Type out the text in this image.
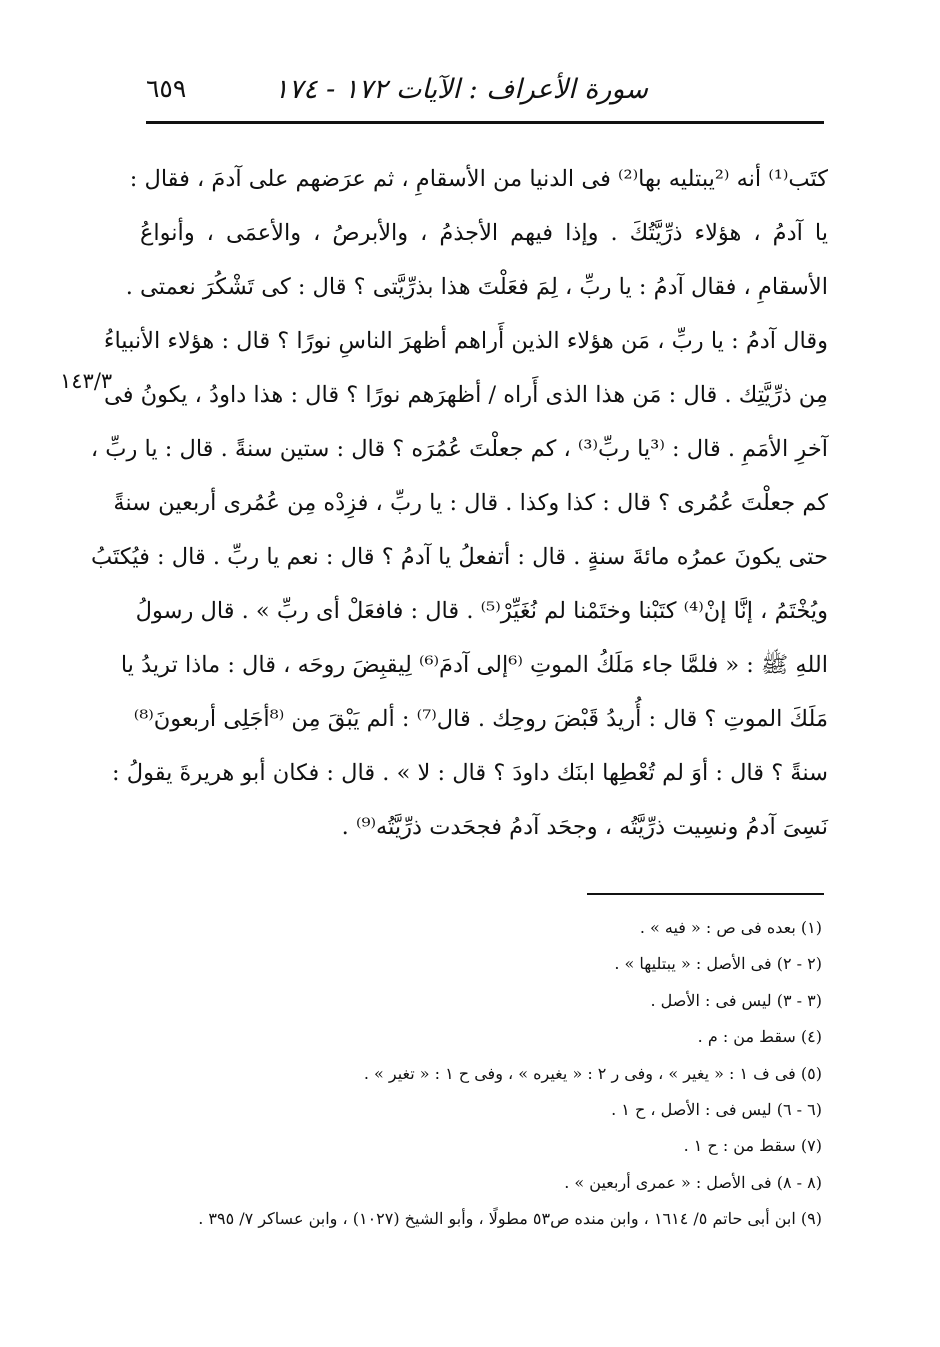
سورة الأعراف : الآيات ١٧٢ - ١٧٤
٦٥٩
١٤٣/٣
كتَب⁽¹⁾ أنه ⁽²يبتليه بها⁽²⁾ فى الدنيا من الأسقامِ ، ثم عرَضهم على آدمَ ، فقال :
يا آدمُ ، هؤلاء ذرِّيَّتُكَ . وإذا فيهم الأجذمُ ، والأبرصُ ، والأعمَى ، وأنواعُ
الأسقامِ ، فقال آدمُ : يا ربِّ ، لِمَ فعَلْتَ هذا بذرِّيَّتى ؟ قال : كى تَشْكُرَ نعمتى .
وقال آدمُ : يا ربِّ ، مَن هؤلاء الذين أَراهم أظهرَ الناسِ نورًا ؟ قال : هؤلاء الأنبياءُ
مِن ذرِّيَّتِك . قال : مَن هذا الذى أَراه / أظهرَهم نورًا ؟ قال : هذا داودُ ، يكونُ فى
آخرِ الأمَمِ . قال : ⁽³يا ربِّ⁽³⁾ ، كم جعلْتَ عُمُرَه ؟ قال : ستين سنةً . قال : يا ربِّ ،
كم جعلْتَ عُمُرى ؟ قال : كذا وكذا . قال : يا ربِّ ، فزِدْه مِن عُمُرى أربعين سنةً
حتى يكونَ عمرُه مائةَ سنةٍ . قال : أتفعلُ يا آدمُ ؟ قال : نعم يا ربِّ . قال : فيُكتَبُ
ويُخْتَمُ ، إنَّا إنْ⁽⁴⁾ كتَبْنا وختَمْنا لم نُغَيِّرْ⁽⁵⁾ . قال : فافعَلْ أى ربِّ » . قال رسولُ
اللهِ ﷺ : « فلمَّا جاء مَلَكُ الموتِ ⁽⁶إلى آدمَ⁽⁶⁾ لِيقبِضَ روحَه ، قال : ماذا تريدُ يا
مَلَكَ الموتِ ؟ قال : أُريدُ قَبْضَ روحِك . قال⁽⁷⁾ : ألم يَبْقَ مِن ⁽⁸أجَلِى أربعونَ⁽⁸⁾
سنةً ؟ قال : أوَ لم تُعْطِها ابنَك داودَ ؟ قال : لا » . قال : فكان أبو هريرةَ يقولُ :
نَسِىَ آدمُ ونسِيت ذرِّيَّتُه ، وجحَد آدمُ فجحَدت ذرِّيَّتُه⁽⁹⁾ .
(١) بعده فى ص : « فيه » .
(٢ - ٢) فى الأصل : « يبتليها » .
(٣ - ٣) ليس فى : الأصل .
(٤) سقط من : م .
(٥) فى ف ١ : « يغير » ، وفى ر ٢ : « يغيره » ، وفى ح ١ : « تغير » .
(٦ - ٦) ليس فى : الأصل ، ح ١ .
(٧) سقط من : ح ١ .
(٨ - ٨) فى الأصل : « عمرى أربعين » .
(٩) ابن أبى حاتم ٥/ ١٦١٤ ، وابن منده ص٥٣ مطولًا ، وأبو الشيخ (١٠٢٧) ، وابن عساكر ٧/ ٣٩٥ .
